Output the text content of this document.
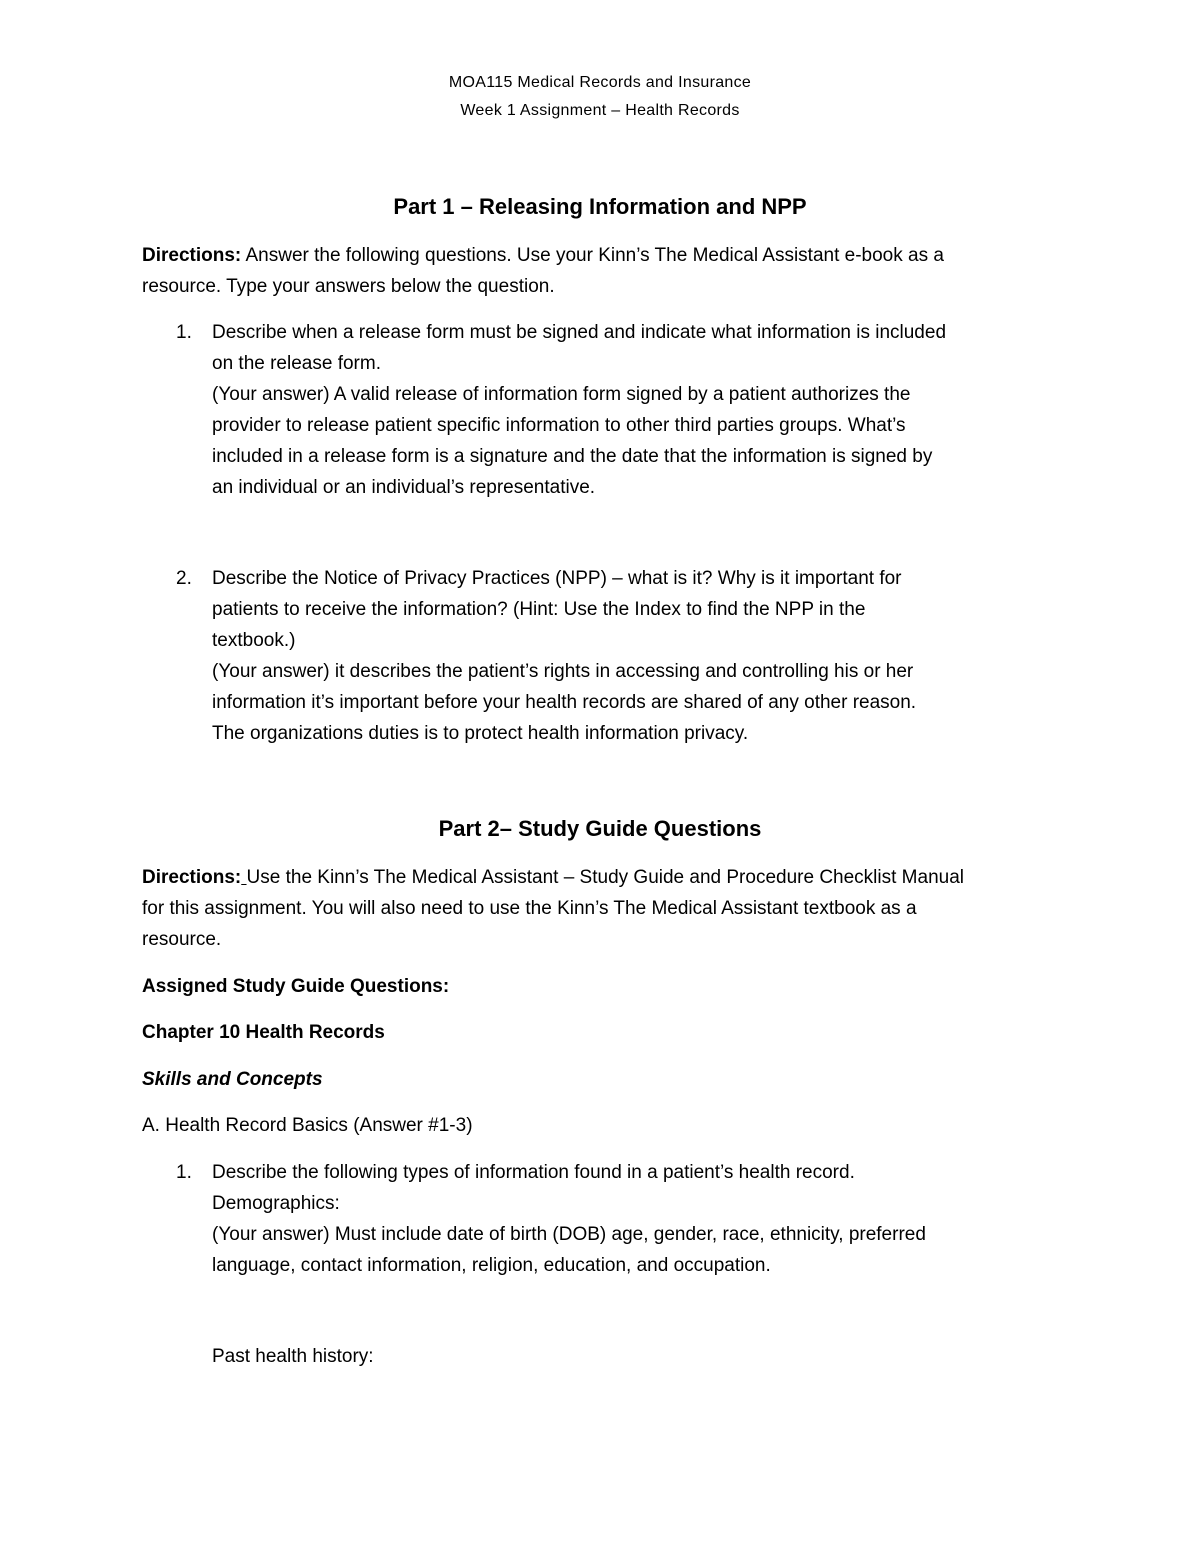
MOA115 Medical Records and Insurance
Week 1 Assignment – Health Records
Part 1 – Releasing Information and NPP
Directions: Answer the following questions. Use your Kinn’s The Medical Assistant e-book as a
resource. Type your answers below the question.
1. Describe when a release form must be signed and indicate what information is included
on the release form.
(Your answer) A valid release of information form signed by a patient authorizes the
provider to release patient specific information to other third parties groups. What’s
included in a release form is a signature and the date that the information is signed by
an individual or an individual’s representative.
2. Describe the Notice of Privacy Practices (NPP) – what is it? Why is it important for
patients to receive the information? (Hint: Use the Index to find the NPP in the
textbook.)
(Your answer) it describes the patient’s rights in accessing and controlling his or her
information it’s important before your health records are shared of any other reason.
The organizations duties is to protect health information privacy.
Part 2– Study Guide Questions
Directions: Use the Kinn’s The Medical Assistant – Study Guide and Procedure Checklist Manual
for this assignment. You will also need to use the Kinn’s The Medical Assistant textbook as a
resource.
Assigned Study Guide Questions:
Chapter 10 Health Records
Skills and Concepts
A. Health Record Basics (Answer #1-3)
1. Describe the following types of information found in a patient’s health record.
Demographics:
(Your answer) Must include date of birth (DOB) age, gender, race, ethnicity, preferred
language, contact information, religion, education, and occupation.
Past health history:
